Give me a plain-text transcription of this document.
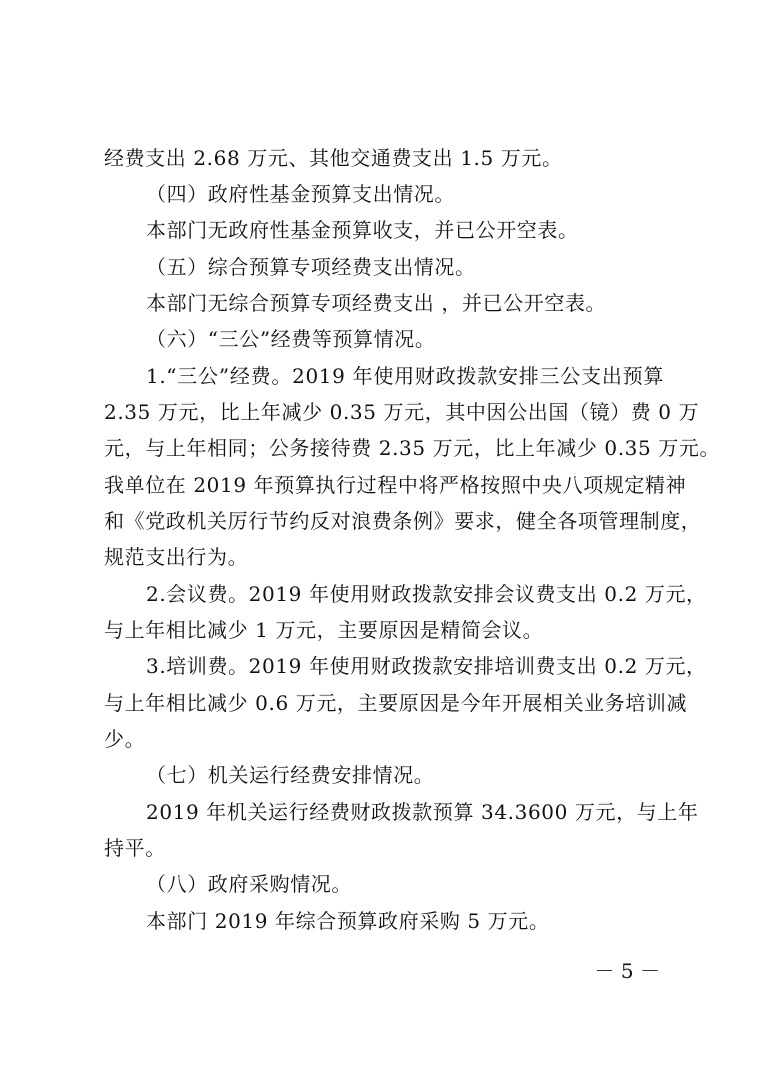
经费支出 2.68 万元、其他交通费支出 1.5 万元。
（四）政府性基金预算支出情况。
本部门无政府性基金预算收支，并已公开空表。
（五）综合预算专项经费支出情况。
本部门无综合预算专项经费支出 ，并已公开空表。
（六）“三公”经费等预算情况。
1.“三公”经费。2019 年使用财政拨款安排三公支出预算
2.35 万元，比上年减少 0.35 万元，其中因公出国（镜）费 0 万
元，与上年相同；公务接待费 2.35 万元，比上年减少 0.35 万元。
我单位在 2019 年预算执行过程中将严格按照中央八项规定精神
和《党政机关厉行节约反对浪费条例》要求，健全各项管理制度，
规范支出行为。
2.会议费。2019 年使用财政拨款安排会议费支出 0.2 万元，
与上年相比减少 1 万元，主要原因是精简会议。
3.培训费。2019 年使用财政拨款安排培训费支出 0.2 万元，
与上年相比减少 0.6 万元，主要原因是今年开展相关业务培训减
少。
（七）机关运行经费安排情况。
2019 年机关运行经费财政拨款预算 34.3600 万元，与上年
持平。
（八）政府采购情况。
本部门 2019 年综合预算政府采购 5 万元。
－ 5 －
